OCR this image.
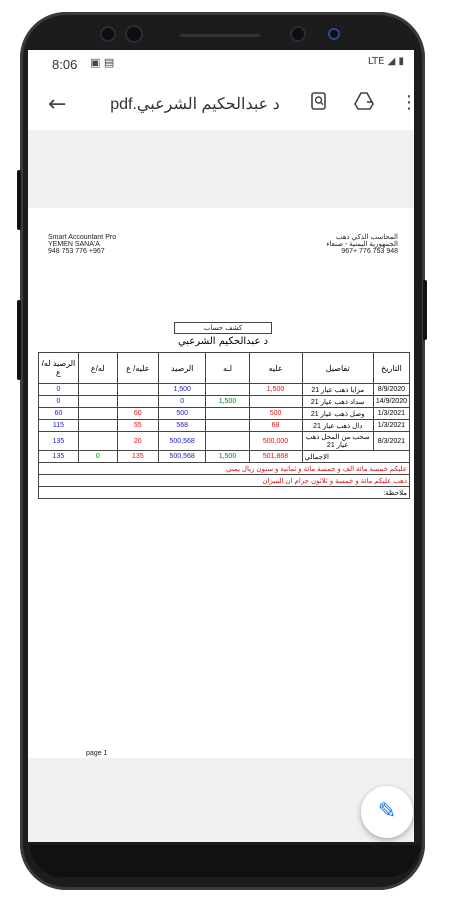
8:06 ▣ ▤	LTE ◢ ▮
←	د عبدالحكيم الشرعبي.pdf	⋮
Smart Accountant Pro
YEMEN SANA'A
948 753 776 +967
المحاسب الذكي ذهب
الجمهورية اليمنية - صنعاء
948 753 776 +967
كشف حساب
د عبدالحكيم الشرعبي
الرصيد له/ع	له/ع	عليه/ ع	الرصيد	لـه	عليه	تفاصيل	التاريخ
0			1,500		1,500	مزايا ذهب عيار 21	8/9/2020
0			0	1,500		سداد ذهب عيار 21	14/9/2020
60		60	500		500	وصل ذهب عيار 21	1/3/2021
115		55	568		68	دال ذهب عيار 21	1/3/2021
135		20	500,568		500,000	سحب من المحل ذهب عيار 21	8/3/2021
135	0	135	500,568	1,500	501,868	الاجمالي	
عليكم خمسة مائة الف و خمسة مائة و ثمانية و ستون ريال يمني							
ذهب عليكم مائة و خمسة و ثلاثون جرام ان الميزان							
ملاحظة:							
page 1
✎
